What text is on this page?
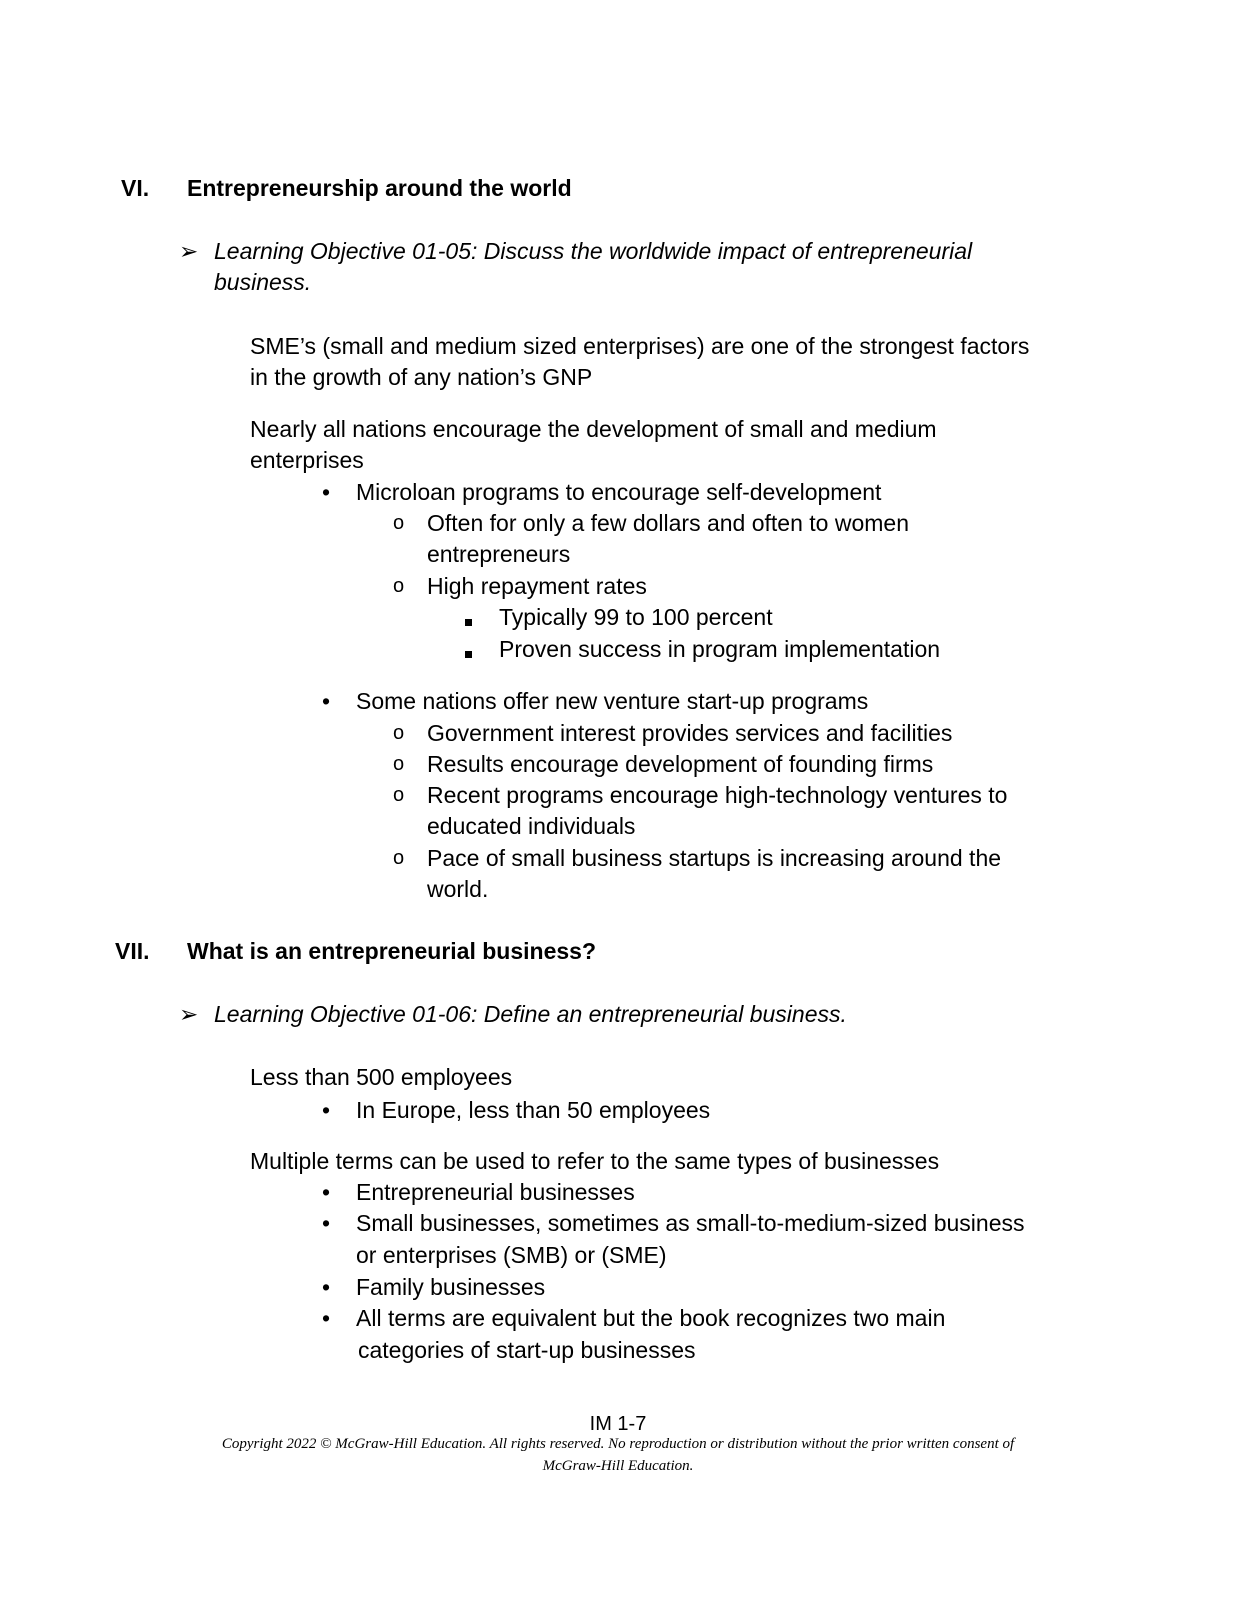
VI. Entrepreneurship around the world
➢ Learning Objective 01-05: Discuss the worldwide impact of entrepreneurial
business.
SME’s (small and medium sized enterprises) are one of the strongest factors
in the growth of any nation’s GNP
Nearly all nations encourage the development of small and medium
enterprises
• Microloan programs to encourage self-development
o Often for only a few dollars and often to women
entrepreneurs
o High repayment rates
Typically 99 to 100 percent
Proven success in program implementation
• Some nations offer new venture start-up programs
o Government interest provides services and facilities
o Results encourage development of founding firms
o Recent programs encourage high-technology ventures to
educated individuals
o Pace of small business startups is increasing around the
world.
VII. What is an entrepreneurial business?
➢ Learning Objective 01-06: Define an entrepreneurial business.
Less than 500 employees
• In Europe, less than 50 employees
Multiple terms can be used to refer to the same types of businesses
• Entrepreneurial businesses
• Small businesses, sometimes as small-to-medium-sized business
or enterprises (SMB) or (SME)
• Family businesses
• All terms are equivalent but the book recognizes two main
categories of start-up businesses
IM 1-7
Copyright 2022 © McGraw-Hill Education. All rights reserved. No reproduction or distribution without the prior written consent of
McGraw-Hill Education.
